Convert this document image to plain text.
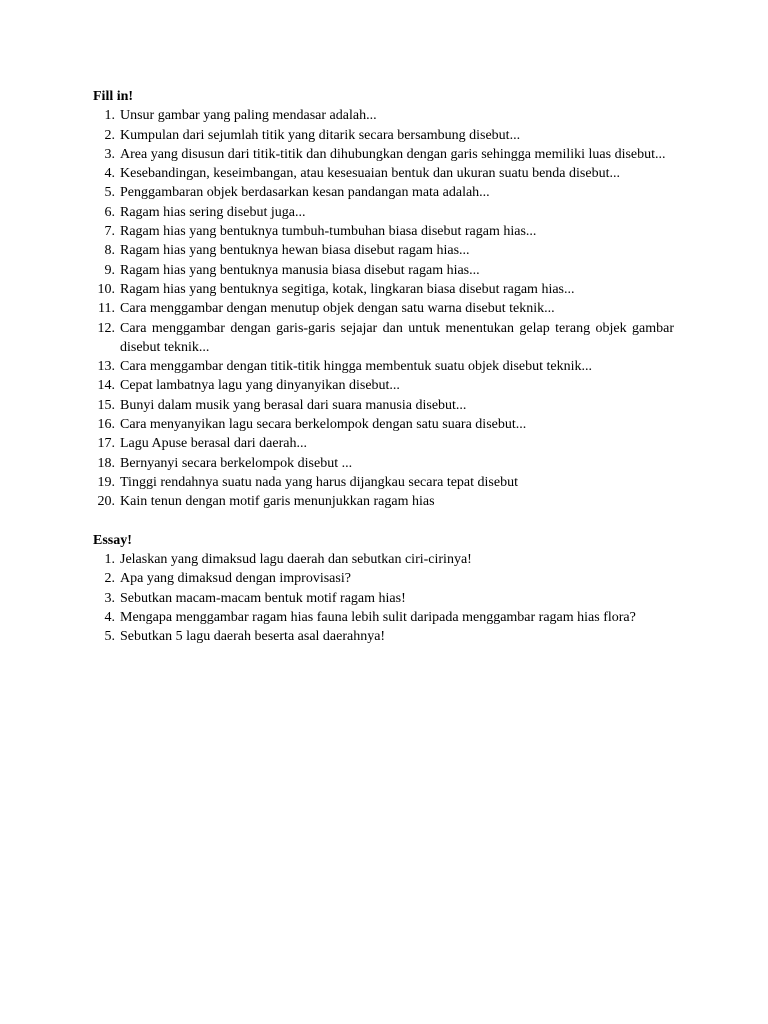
Fill in!

1. Unsur gambar yang paling mendasar adalah...
2. Kumpulan dari sejumlah titik yang ditarik secara bersambung disebut...
3. Area yang disusun dari titik-titik dan dihubungkan dengan garis sehingga memiliki luas disebut...
4. Kesebandingan, keseimbangan, atau kesesuaian bentuk dan ukuran suatu benda disebut...
5. Penggambaran objek berdasarkan kesan pandangan mata adalah...
6. Ragam hias sering disebut juga...
7. Ragam hias yang bentuknya tumbuh-tumbuhan biasa disebut ragam hias...
8. Ragam hias yang bentuknya hewan biasa disebut ragam hias...
9. Ragam hias yang bentuknya manusia biasa disebut ragam hias...
10. Ragam hias yang bentuknya segitiga, kotak, lingkaran biasa disebut ragam hias...
11. Cara menggambar dengan menutup objek dengan satu warna disebut teknik...
12. Cara menggambar dengan garis-garis sejajar dan untuk menentukan gelap terang objek gambar disebut teknik...
13. Cara menggambar dengan titik-titik hingga membentuk suatu objek disebut teknik...
14. Cepat lambatnya lagu yang dinyanyikan disebut...
15. Bunyi dalam musik yang berasal dari suara manusia disebut...
16. Cara menyanyikan lagu secara berkelompok dengan satu suara disebut...
17. Lagu Apuse berasal dari daerah...
18. Bernyanyi secara berkelompok disebut ...
19. Tinggi rendahnya suatu nada yang harus dijangkau secara tepat disebut
20. Kain tenun dengan motif garis menunjukkan ragam hias

Essay!

1. Jelaskan yang dimaksud lagu daerah dan sebutkan ciri-cirinya!
2. Apa yang dimaksud dengan improvisasi?
3. Sebutkan macam-macam bentuk motif ragam hias!
4. Mengapa menggambar ragam hias fauna lebih sulit daripada menggambar ragam hias flora?
5. Sebutkan 5 lagu daerah beserta asal daerahnya!
